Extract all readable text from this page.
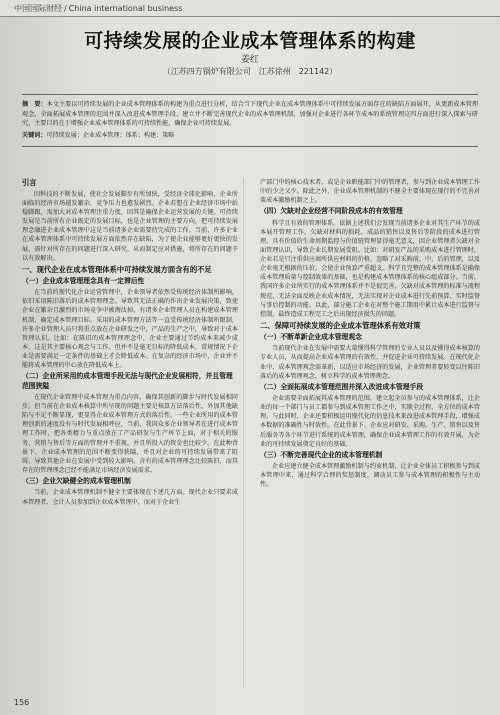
中国国际财经 / China international business
可持续发展的企业成本管理体系的构建
姜红
（江苏四方锅炉有限公司　江苏徐州　221142）

摘　要：本文主要以可持续发展的企业成本管理体系的构建为重点进行分析，结合当下现代企业在成本管理体系中可持续发展方面存在的缺陷方面展开，从更新成本管理观念、全面拓展成本管理的范围并深入改进成本管理手段、建立并不断完善现代企业的成本管理机制、加强对企业进行各环节成本的系统管理这四方面进行深入探索与研究，主要目的在于增强企业成本管理体系的可持续性能，确保企业可持续发展。

关键词：可持续发展；企业成本管理；体系；构建；策略
引言

因科技的不断发展，使社会发展脚步有所加快，受经济全球化影响，企业所面临的经济市场越发繁杂，竞争压力也愈发剧烈。企业若想在企业经济市场中站稳脚跟，需加大对成本管理注重力度，因其是确保企业运营发展的关键。可持续发展是当前所有企业既定的发展目标，也是企业管理的主要方向，把可持续发展理念融进企业成本管理中这是当前诸多企业需要待完成的工作。当前，许多企业在成本管理体系中可持续发展方面依然存在缺陷，为了使企业能够更好更快的发展，需针对所存在的问题进行深入研究，从而制定应对措施，将所存在的问题予以有效解决。

一、现代企业在成本管理体系中可持续发展方面含有的不足
（一）企业成本管理理念具有一定滞后性

在当前的现代化企业运营管理中，企业领导者依然受传统经济体制所影响，依旧采用陈旧落后的成本管理理念。导致其无法正确的作出企业发展决策，致使企业在繁杂且激烈的市场竞争中被淘汰掉。有诸多企业管理人员在构建成本管理机制、确定成本管理目标。采用的成本管理方法等一直受传统经济体制所限制，许多企业管理人员只将重点放在企业研发之中，产品的生产之中，导致对于成本管理认识。比如：在陈旧的成本管理理念中，企业主要通过节约成本来减少成本，这是其主要核心观念与工作。但并不是毫无目标的降低成本，常规情况下企业是需要满足一定条件的基础上才会降低成本。在复杂的经济市场中，企业并不能将成本管理的中心放在降低成本上。

（二）企业所采用的成本管理手段无法与现代企业发展相符，并且管理范围狭隘

在现代企业管理中成本管理为重点内容，确保其创新的脚步与时代发展相同步。但当前在企业成本核算中所呈现的问题主要是核算方法落后性，外加其他缺陷与不足不断显现，更显得企业成本管理方式的落后性。一些企业所用的成本管理创新的速度没有与时代发展相呼应，当前，我国众多企业领导者在进行成本管理工作时，把各类精力与重点放在了产品研发与生产环节上面，对于相关的服务、营销与售后等方面的管理并不重视，并且所投入的资金也比较少。在此种背景下，企业成本管理的范围不断变得狭隘，并且对企业的可持续发展带来了阻碍，导致其他企业在发展中受到较大影响。含有的成本管理理念比较陈旧，而其存在的管理理念已经不能满足市场经济发展需求。

（三）企业欠缺健全的成本管理机制

当前，企业成本管理机制不健全主要体现在下述几方面。现代企业只要求成本管理者、会计人员参加到企业成本管理中，而对于企业生

产部门中的核心技术者，或是企业职能部门中的管理者，参与到企业成本管理工作中的少之又少。除此之外，企业成本管理机制的不健全主要体现在现行的不完善对策成本激励机制之上。

（四）欠缺对企业经营不同阶段成本的有效管理

科学且有效的管理体系。依据上述我们会发现当前诸多企业对其生产环节的成本展开管理工作，欠缺对材料的损耗、成品的销售以及售后等阶段的成本进行管理。具有价值的生命周期监控与价值链管理显得毫无意义，因企业管理者欠缺对全面管理认识，导致企业长期发展受阻。比如：对研发产品的采购成本进行管理时，企业若是只注重供应商所供应材料的价格，忽略了对采购前、中、后的管理，以及企业毫无根据的压价，会使企业预算严重超支。科学且完整的成本管理体系是确保成本管理质量与控制效果的基础，也是构建成本管理体系的核心组成部分。当前，我国许多企业所实行的成本管理体系并不是很完善，欠缺对成本管理的标准与流程规范，无法全面反映企业成本情况，无法实现对企业成本进行先前预算、实时监督与事后控制的功能。以此，部分施工企业在对整个施工期用中累计成本进行监督与控制，最终造成工程完工之后出现经济损失的问题。

二、保障可持续发展的企业成本管理体系有效对策
（一）不断革新企业成本管理观念

当前现代企业在发展中需要大量懂得科学管理的专业人员以及懂得成本核算的专业人员，从而提高企业成本管理的有效性，并促进企业可持续发展。在现代化企业中，成本管理观念需革新，以适应市场经济的发展，企业管理者要转变以往陈旧落后的成本管理观念，树立科学的成本管理理念。

（二）全面拓展成本管理范围并深入改进成本管理手段

企业需要全面拓展其成本管理的范围，建立起全员参与的成本管理体系，让企业的每一个部门与员工都参与到成本管理工作之中，实现全过程、全方位的成本管理。与此同时，企业还要积极运用现代化的信息技术来改进成本管理手段，增强成本数据的准确性与时效性。在此背景下，企业应对研发、采购、生产、销售以及售后服务等各个环节进行系统的成本管理，确保企业成本管理工作的有效开展，为企业的可持续发展奠定良好的基础。

（三）不断完善现代企业的成本管理机制

企业应建立健全成本管理激励机制与约束机制，让企业全体员工积极参与到成本管理中来，通过科学合理的奖惩制度，调动员工参与成本管理的积极性与主动性。

156
